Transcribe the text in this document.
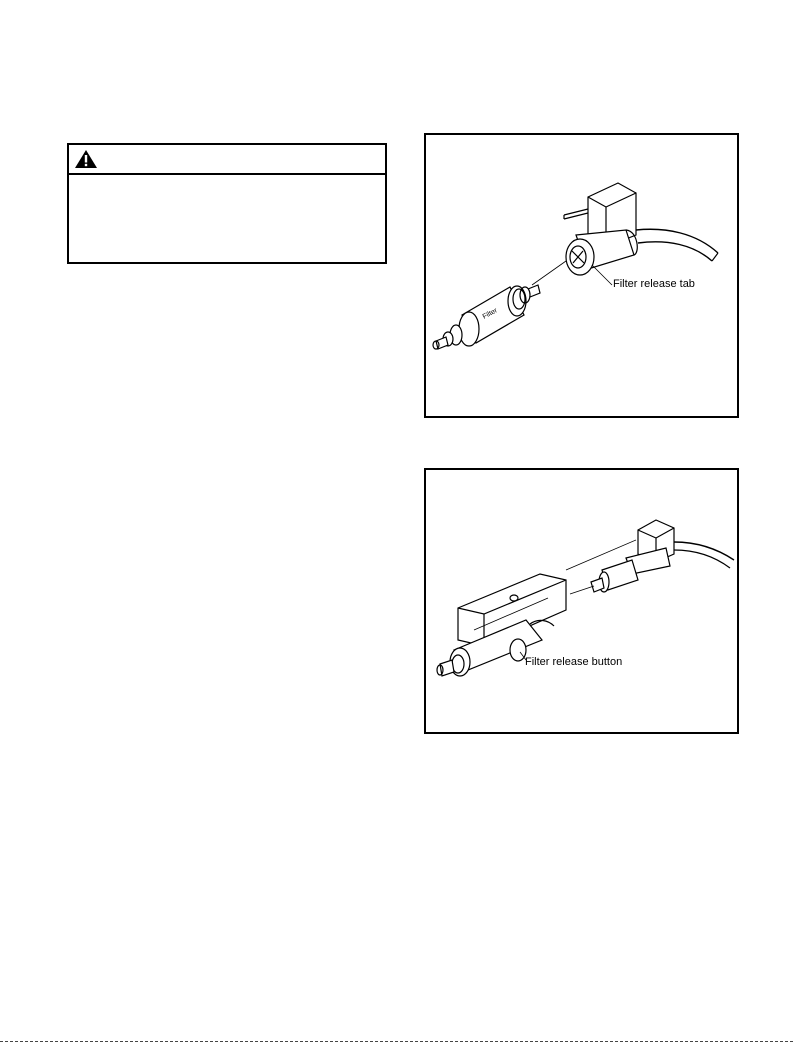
Filter
Filter release tab
Filter release button
